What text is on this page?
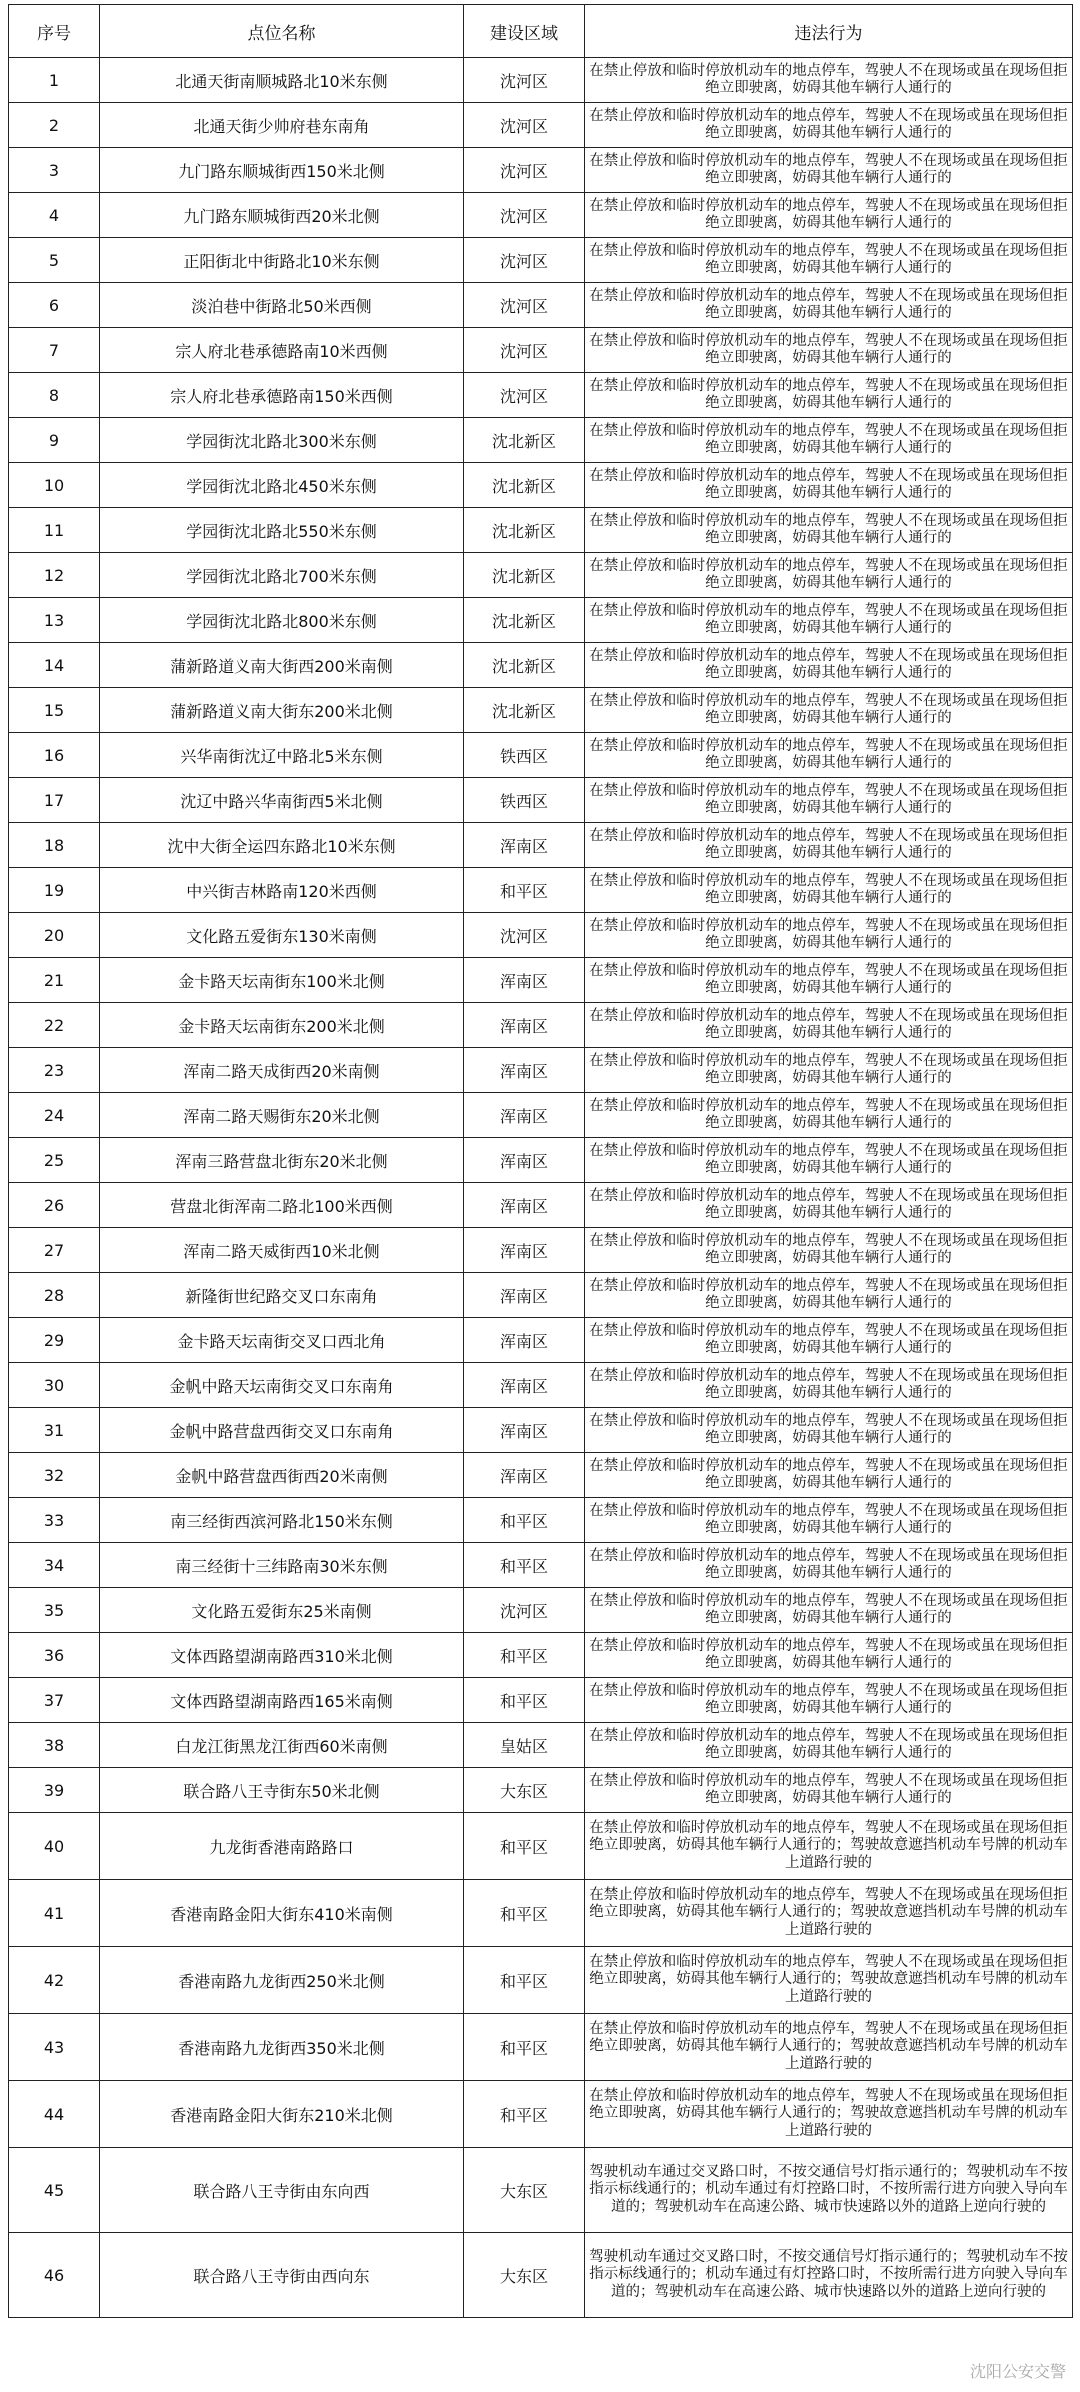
序号	点位名称	建设区域	违法行为
1	北通天街南顺城路北10米东侧	沈河区	在禁止停放和临时停放机动车的地点停车，驾驶人不在现场或虽在现场但拒绝立即驶离，妨碍其他车辆行人通行的
2	北通天街少帅府巷东南角	沈河区	在禁止停放和临时停放机动车的地点停车，驾驶人不在现场或虽在现场但拒绝立即驶离，妨碍其他车辆行人通行的
3	九门路东顺城街西150米北侧	沈河区	在禁止停放和临时停放机动车的地点停车，驾驶人不在现场或虽在现场但拒绝立即驶离，妨碍其他车辆行人通行的
4	九门路东顺城街西20米北侧	沈河区	在禁止停放和临时停放机动车的地点停车，驾驶人不在现场或虽在现场但拒绝立即驶离，妨碍其他车辆行人通行的
5	正阳街北中街路北10米东侧	沈河区	在禁止停放和临时停放机动车的地点停车，驾驶人不在现场或虽在现场但拒绝立即驶离，妨碍其他车辆行人通行的
6	淡泊巷中街路北50米西侧	沈河区	在禁止停放和临时停放机动车的地点停车，驾驶人不在现场或虽在现场但拒绝立即驶离，妨碍其他车辆行人通行的
7	宗人府北巷承德路南10米西侧	沈河区	在禁止停放和临时停放机动车的地点停车，驾驶人不在现场或虽在现场但拒绝立即驶离，妨碍其他车辆行人通行的
8	宗人府北巷承德路南150米西侧	沈河区	在禁止停放和临时停放机动车的地点停车，驾驶人不在现场或虽在现场但拒绝立即驶离，妨碍其他车辆行人通行的
9	学园街沈北路北300米东侧	沈北新区	在禁止停放和临时停放机动车的地点停车，驾驶人不在现场或虽在现场但拒绝立即驶离，妨碍其他车辆行人通行的
10	学园街沈北路北450米东侧	沈北新区	在禁止停放和临时停放机动车的地点停车，驾驶人不在现场或虽在现场但拒绝立即驶离，妨碍其他车辆行人通行的
11	学园街沈北路北550米东侧	沈北新区	在禁止停放和临时停放机动车的地点停车，驾驶人不在现场或虽在现场但拒绝立即驶离，妨碍其他车辆行人通行的
12	学园街沈北路北700米东侧	沈北新区	在禁止停放和临时停放机动车的地点停车，驾驶人不在现场或虽在现场但拒绝立即驶离，妨碍其他车辆行人通行的
13	学园街沈北路北800米东侧	沈北新区	在禁止停放和临时停放机动车的地点停车，驾驶人不在现场或虽在现场但拒绝立即驶离，妨碍其他车辆行人通行的
14	蒲新路道义南大街西200米南侧	沈北新区	在禁止停放和临时停放机动车的地点停车，驾驶人不在现场或虽在现场但拒绝立即驶离，妨碍其他车辆行人通行的
15	蒲新路道义南大街东200米北侧	沈北新区	在禁止停放和临时停放机动车的地点停车，驾驶人不在现场或虽在现场但拒绝立即驶离，妨碍其他车辆行人通行的
16	兴华南街沈辽中路北5米东侧	铁西区	在禁止停放和临时停放机动车的地点停车，驾驶人不在现场或虽在现场但拒绝立即驶离，妨碍其他车辆行人通行的
17	沈辽中路兴华南街西5米北侧	铁西区	在禁止停放和临时停放机动车的地点停车，驾驶人不在现场或虽在现场但拒绝立即驶离，妨碍其他车辆行人通行的
18	沈中大街全运四东路北10米东侧	浑南区	在禁止停放和临时停放机动车的地点停车，驾驶人不在现场或虽在现场但拒绝立即驶离，妨碍其他车辆行人通行的
19	中兴街吉林路南120米西侧	和平区	在禁止停放和临时停放机动车的地点停车，驾驶人不在现场或虽在现场但拒绝立即驶离，妨碍其他车辆行人通行的
20	文化路五爱街东130米南侧	沈河区	在禁止停放和临时停放机动车的地点停车，驾驶人不在现场或虽在现场但拒绝立即驶离，妨碍其他车辆行人通行的
21	金卡路天坛南街东100米北侧	浑南区	在禁止停放和临时停放机动车的地点停车，驾驶人不在现场或虽在现场但拒绝立即驶离，妨碍其他车辆行人通行的
22	金卡路天坛南街东200米北侧	浑南区	在禁止停放和临时停放机动车的地点停车，驾驶人不在现场或虽在现场但拒绝立即驶离，妨碍其他车辆行人通行的
23	浑南二路天成街西20米南侧	浑南区	在禁止停放和临时停放机动车的地点停车，驾驶人不在现场或虽在现场但拒绝立即驶离，妨碍其他车辆行人通行的
24	浑南二路天赐街东20米北侧	浑南区	在禁止停放和临时停放机动车的地点停车，驾驶人不在现场或虽在现场但拒绝立即驶离，妨碍其他车辆行人通行的
25	浑南三路营盘北街东20米北侧	浑南区	在禁止停放和临时停放机动车的地点停车，驾驶人不在现场或虽在现场但拒绝立即驶离，妨碍其他车辆行人通行的
26	营盘北街浑南二路北100米西侧	浑南区	在禁止停放和临时停放机动车的地点停车，驾驶人不在现场或虽在现场但拒绝立即驶离，妨碍其他车辆行人通行的
27	浑南二路天威街西10米北侧	浑南区	在禁止停放和临时停放机动车的地点停车，驾驶人不在现场或虽在现场但拒绝立即驶离，妨碍其他车辆行人通行的
28	新隆街世纪路交叉口东南角	浑南区	在禁止停放和临时停放机动车的地点停车，驾驶人不在现场或虽在现场但拒绝立即驶离，妨碍其他车辆行人通行的
29	金卡路天坛南街交叉口西北角	浑南区	在禁止停放和临时停放机动车的地点停车，驾驶人不在现场或虽在现场但拒绝立即驶离，妨碍其他车辆行人通行的
30	金帆中路天坛南街交叉口东南角	浑南区	在禁止停放和临时停放机动车的地点停车，驾驶人不在现场或虽在现场但拒绝立即驶离，妨碍其他车辆行人通行的
31	金帆中路营盘西街交叉口东南角	浑南区	在禁止停放和临时停放机动车的地点停车，驾驶人不在现场或虽在现场但拒绝立即驶离，妨碍其他车辆行人通行的
32	金帆中路营盘西街西20米南侧	浑南区	在禁止停放和临时停放机动车的地点停车，驾驶人不在现场或虽在现场但拒绝立即驶离，妨碍其他车辆行人通行的
33	南三经街西滨河路北150米东侧	和平区	在禁止停放和临时停放机动车的地点停车，驾驶人不在现场或虽在现场但拒绝立即驶离，妨碍其他车辆行人通行的
34	南三经街十三纬路南30米东侧	和平区	在禁止停放和临时停放机动车的地点停车，驾驶人不在现场或虽在现场但拒绝立即驶离，妨碍其他车辆行人通行的
35	文化路五爱街东25米南侧	沈河区	在禁止停放和临时停放机动车的地点停车，驾驶人不在现场或虽在现场但拒绝立即驶离，妨碍其他车辆行人通行的
36	文体西路望湖南路西310米北侧	和平区	在禁止停放和临时停放机动车的地点停车，驾驶人不在现场或虽在现场但拒绝立即驶离，妨碍其他车辆行人通行的
37	文体西路望湖南路西165米南侧	和平区	在禁止停放和临时停放机动车的地点停车，驾驶人不在现场或虽在现场但拒绝立即驶离，妨碍其他车辆行人通行的
38	白龙江街黑龙江街西60米南侧	皇姑区	在禁止停放和临时停放机动车的地点停车，驾驶人不在现场或虽在现场但拒绝立即驶离，妨碍其他车辆行人通行的
39	联合路八王寺街东50米北侧	大东区	在禁止停放和临时停放机动车的地点停车，驾驶人不在现场或虽在现场但拒绝立即驶离，妨碍其他车辆行人通行的
40	九龙街香港南路路口	和平区	在禁止停放和临时停放机动车的地点停车，驾驶人不在现场或虽在现场但拒绝立即驶离，妨碍其他车辆行人通行的；驾驶故意遮挡机动车号牌的机动车上道路行驶的
41	香港南路金阳大街东410米南侧	和平区	在禁止停放和临时停放机动车的地点停车，驾驶人不在现场或虽在现场但拒绝立即驶离，妨碍其他车辆行人通行的；驾驶故意遮挡机动车号牌的机动车上道路行驶的
42	香港南路九龙街西250米北侧	和平区	在禁止停放和临时停放机动车的地点停车，驾驶人不在现场或虽在现场但拒绝立即驶离，妨碍其他车辆行人通行的；驾驶故意遮挡机动车号牌的机动车上道路行驶的
43	香港南路九龙街西350米北侧	和平区	在禁止停放和临时停放机动车的地点停车，驾驶人不在现场或虽在现场但拒绝立即驶离，妨碍其他车辆行人通行的；驾驶故意遮挡机动车号牌的机动车上道路行驶的
44	香港南路金阳大街东210米北侧	和平区	在禁止停放和临时停放机动车的地点停车，驾驶人不在现场或虽在现场但拒绝立即驶离，妨碍其他车辆行人通行的；驾驶故意遮挡机动车号牌的机动车上道路行驶的
45	联合路八王寺街由东向西	大东区	驾驶机动车通过交叉路口时，不按交通信号灯指示通行的；驾驶机动车不按指示标线通行的；机动车通过有灯控路口时，不按所需行进方向驶入导向车道的；驾驶机动车在高速公路、城市快速路以外的道路上逆向行驶的
46	联合路八王寺街由西向东	大东区	驾驶机动车通过交叉路口时，不按交通信号灯指示通行的；驾驶机动车不按指示标线通行的；机动车通过有灯控路口时，不按所需行进方向驶入导向车道的；驾驶机动车在高速公路、城市快速路以外的道路上逆向行驶的
沈阳公安交警
